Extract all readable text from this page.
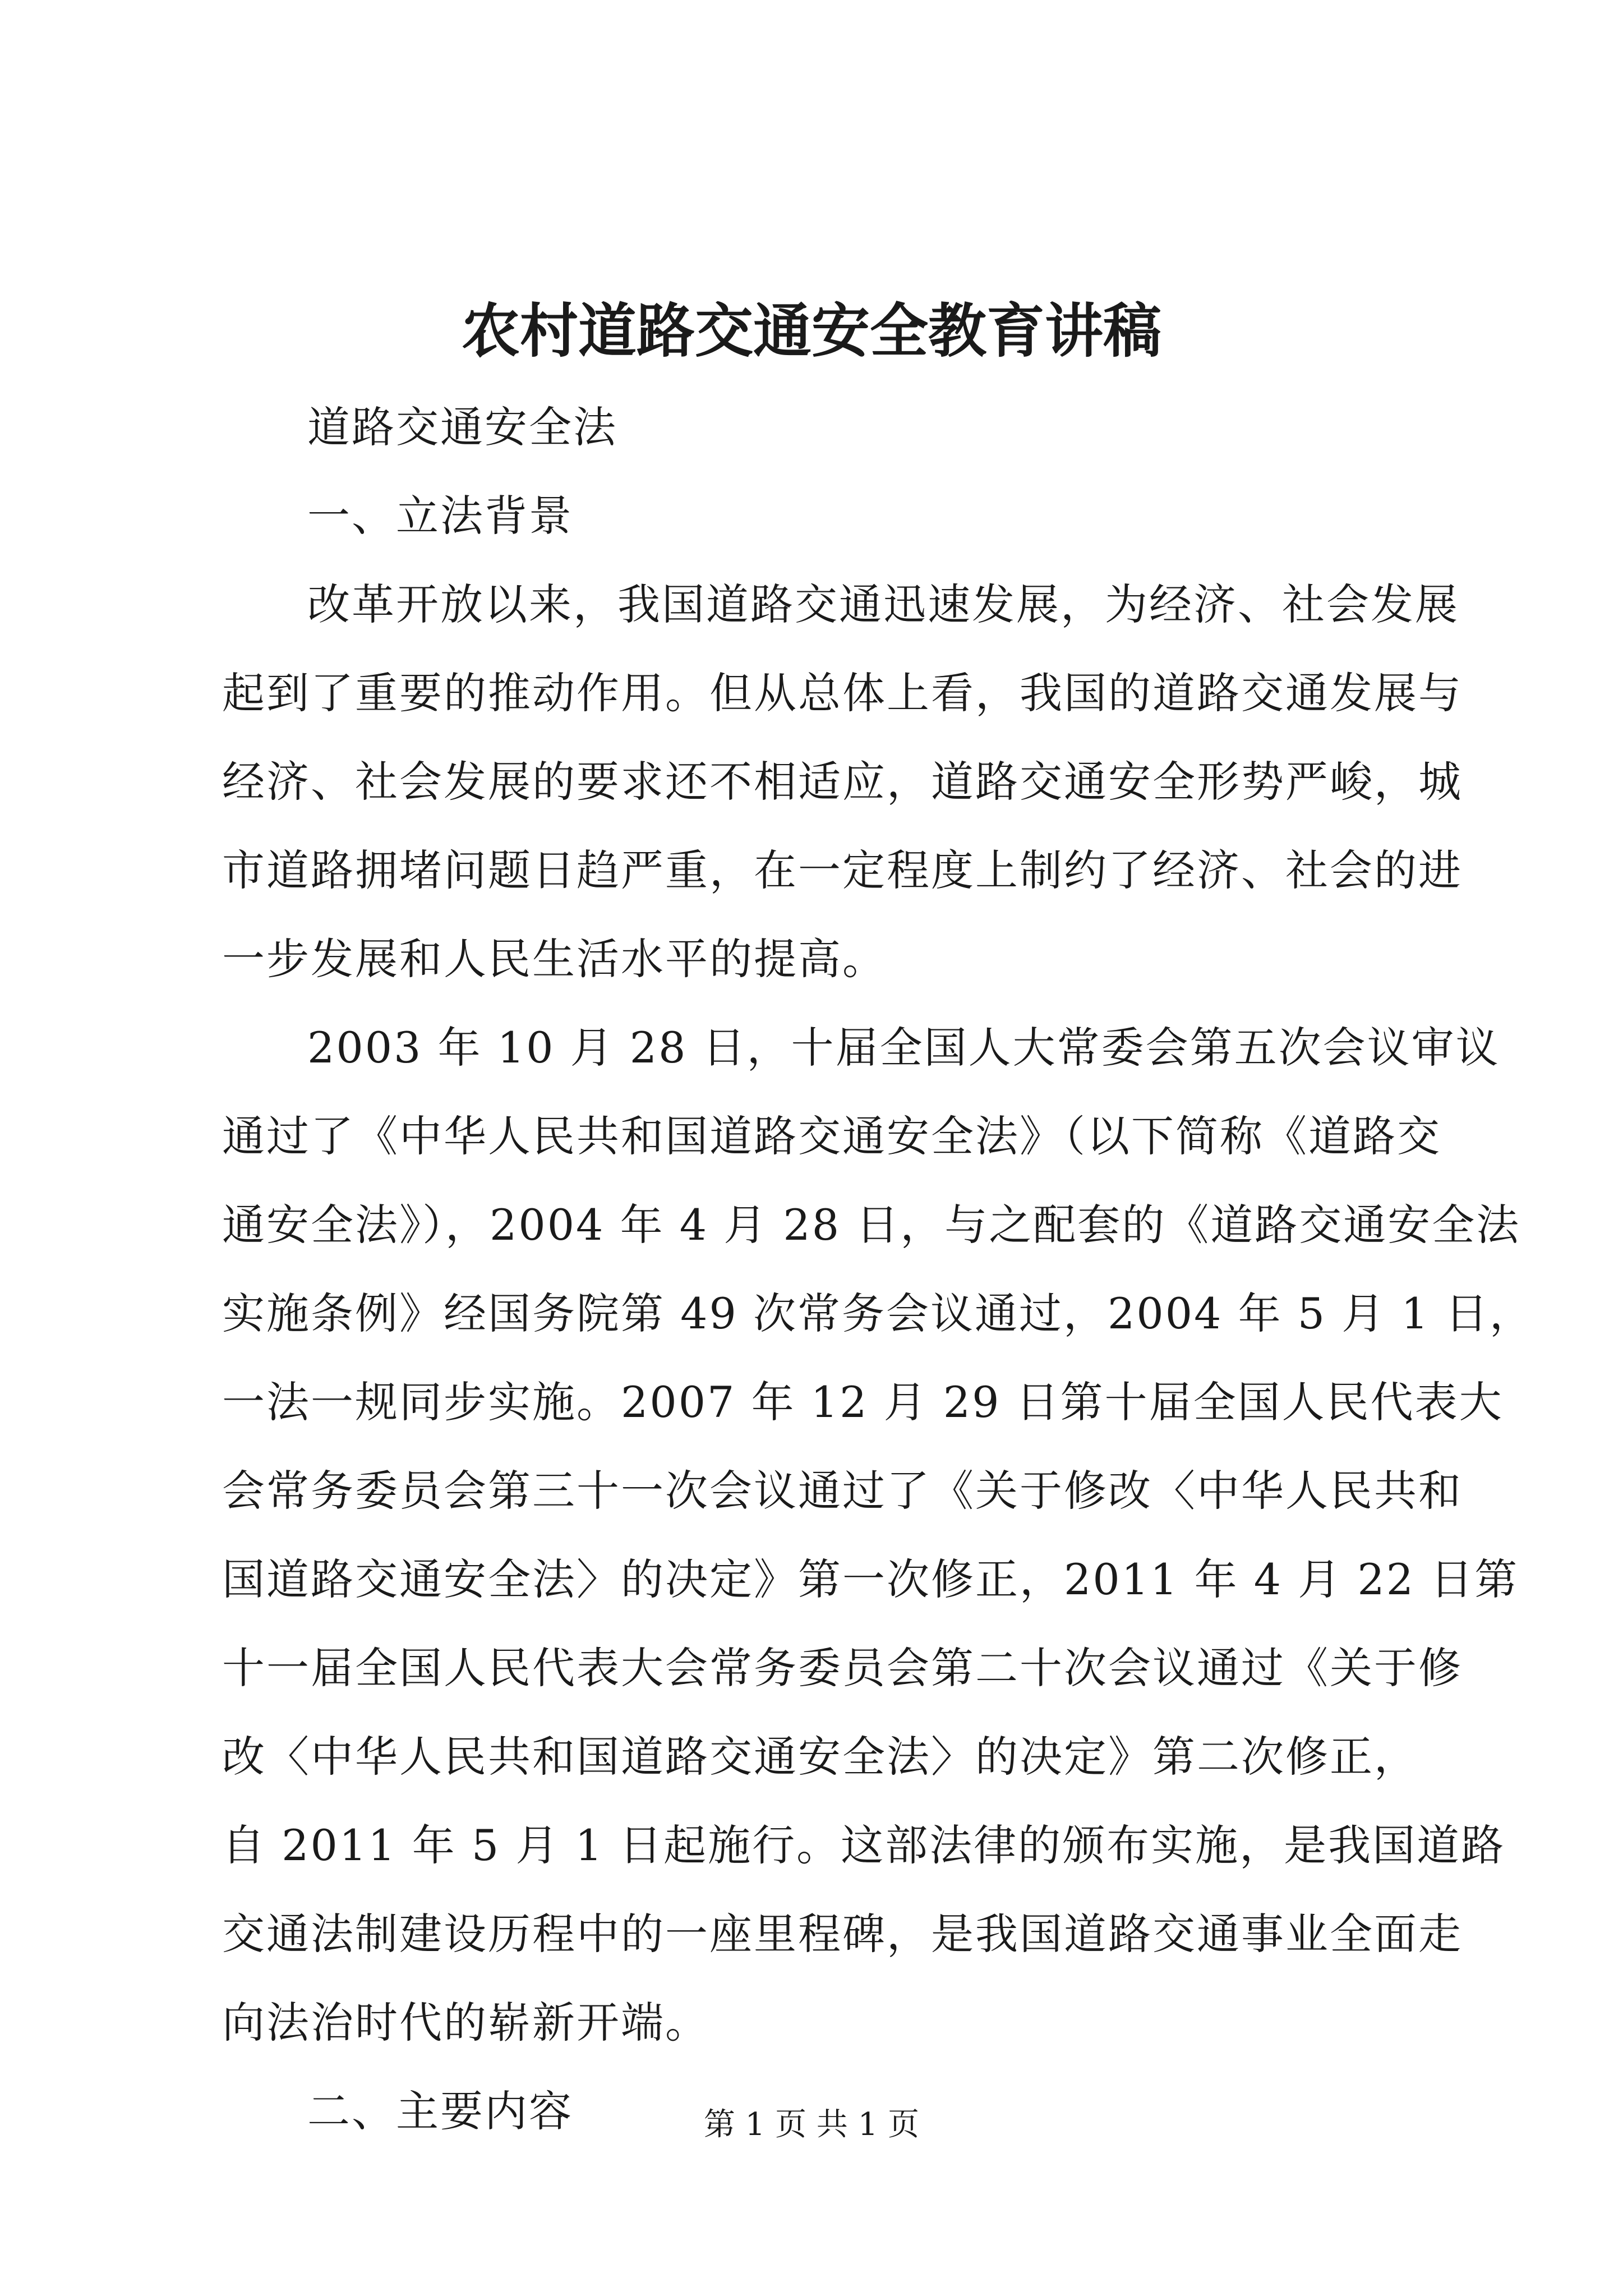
农村道路交通安全教育讲稿

道路交通安全法

一、立法背景

改革开放以来，我国道路交通迅速发展，为经济、社会发展
起到了重要的推动作用。但从总体上看，我国的道路交通发展与
经济、社会发展的要求还不相适应，道路交通安全形势严峻，城
市道路拥堵问题日趋严重，在一定程度上制约了经济、社会的进
一步发展和人民生活水平的提高。

2003 年 10 月 28 日，十届全国人大常委会第五次会议审议
通过了《中华人民共和国道路交通安全法》（以下简称《道路交
通安全法》），2004 年 4 月 28 日，与之配套的《道路交通安全法
实施条例》经国务院第 49 次常务会议通过，2004 年 5 月 1 日，
一法一规同步实施。2007 年 12 月 29 日第十届全国人民代表大
会常务委员会第三十一次会议通过了《关于修改〈中华人民共和
国道路交通安全法〉的决定》第一次修正，2011 年 4 月 22 日第
十一届全国人民代表大会常务委员会第二十次会议通过《关于修
改〈中华人民共和国道路交通安全法〉的决定》第二次修正，
自 2011 年 5 月 1 日起施行。这部法律的颁布实施，是我国道路
交通法制建设历程中的一座里程碑，是我国道路交通事业全面走
向法治时代的崭新开端。

二、主要内容	第 1 页 共 1 页
